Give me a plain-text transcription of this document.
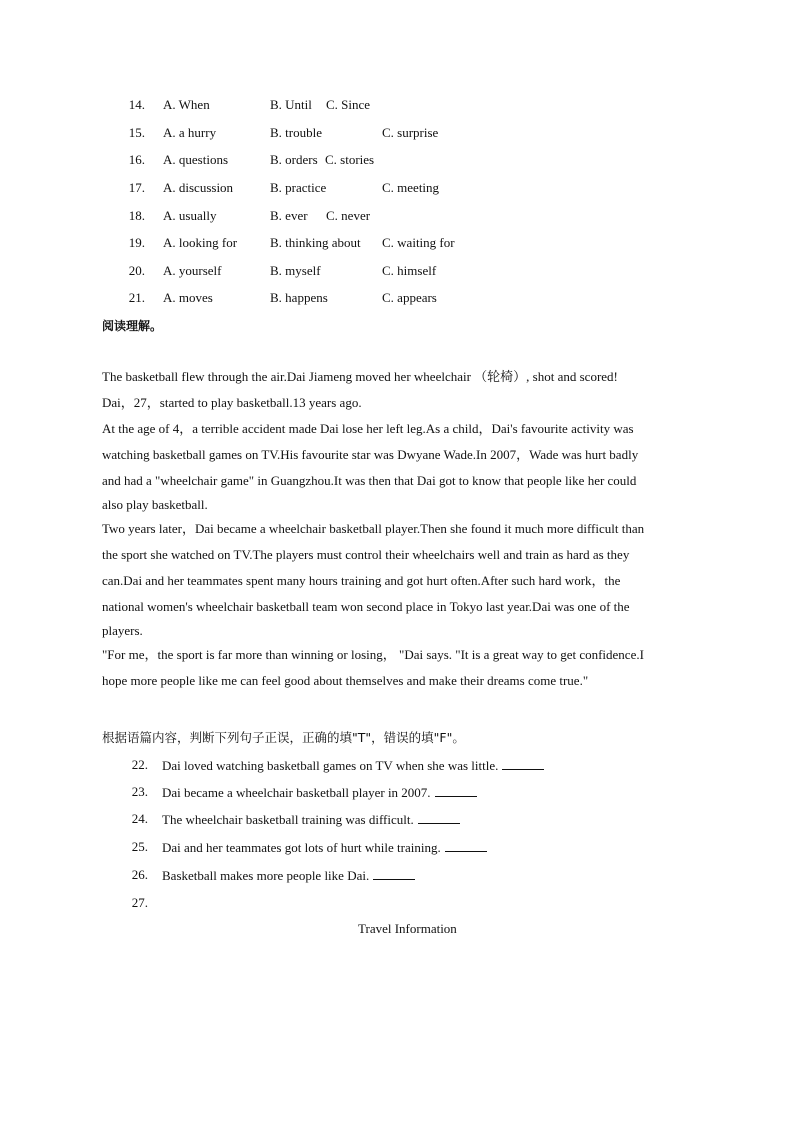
14. A. When	B. Until C. Since
15. A. a hurry	B. trouble	C. surprise
16. A. questions	B. orders C. stories
17. A. discussion	B. practice	C. meeting
18. A. usually	B. ever C. never
19. A. looking for	B. thinking about C. waiting for
20. A. yourself	B. myself	C. himself
21. A. moves	B. happens	C. appears
阅读理解。
The basketball flew through the air.Dai Jiameng moved her wheelchair （轮椅）, shot and scored!
Dai，27，started to play basketball.13 years ago.
At the age of 4，a terrible accident made Dai lose her left leg.As a child，Dai's favourite activity was
watching basketball games on TV.His favourite star was Dwyane Wade.In 2007，Wade was hurt badly
and had a "wheelchair game" in Guangzhou.It was then that Dai got to know that people like her could
also play basketball.
Two years later，Dai became a wheelchair basketball player.Then she found it much more difficult than
the sport she watched on TV.The players must control their wheelchairs well and train as hard as they
can.Dai and her teammates spent many hours training and got hurt often.After such hard work，the
national women's wheelchair basketball team won second place in Tokyo last year.Dai was one of the
players.
"For me，the sport is far more than winning or losing， "Dai says. "It is a great way to get confidence.I
hope more people like me can feel good about themselves and make their dreams come true."
根据语篇内容，判断下列句子正误，正确的填"T"，错误的填"F"。
22. Dai loved watching basketball games on TV when she was little.
23. Dai became a wheelchair basketball player in 2007.
24. The wheelchair basketball training was difficult.
25. Dai and her teammates got lots of hurt while training.
26. Basketball makes more people like Dai.
27.
Travel Information
